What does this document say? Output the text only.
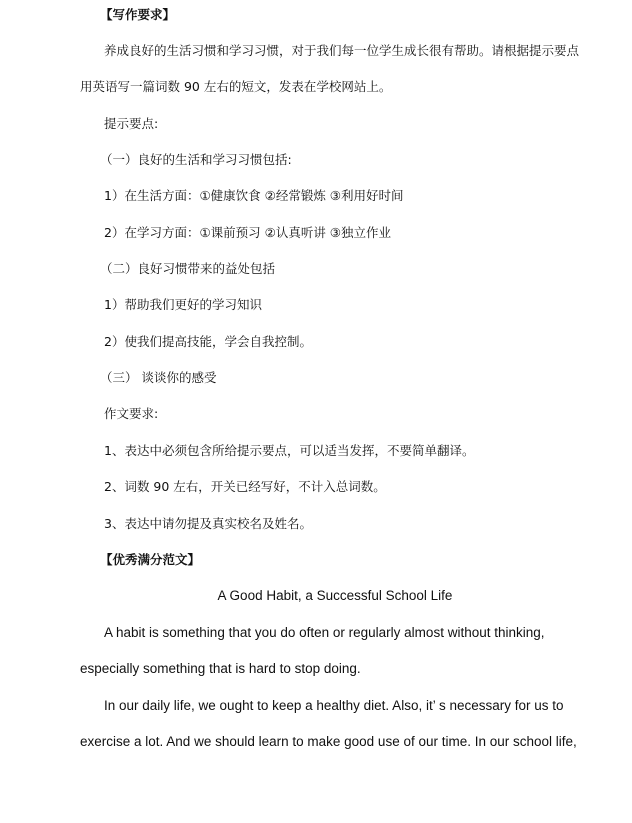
【写作要求】
养成良好的生活习惯和学习习惯，对于我们每一位学生成长很有帮助。请根据提示要点
用英语写一篇词数 90 左右的短文，发表在学校网站上。
提示要点:
（一）良好的生活和学习习惯包括:
1）在生活方面：①健康饮食 ②经常锻炼 ③利用好时间
2）在学习方面：①课前预习 ②认真听讲 ③独立作业
（二）良好习惯带来的益处包括
1）帮助我们更好的学习知识
2）使我们提高技能，学会自我控制。
（三） 谈谈你的感受
作文要求:
1、表达中必须包含所给提示要点，可以适当发挥，不要简单翻译。
2、词数 90 左右，开关已经写好，不计入总词数。
3、表达中请勿提及真实校名及姓名。
【优秀满分范文】
A Good Habit, a Successful School Life
A habit is something that you do often or regularly almost without thinking,
especially something that is hard to stop doing.
In our daily life, we ought to keep a healthy diet. Also, it’ s necessary for us to
exercise a lot. And we should learn to make good use of our time. In our school life,
